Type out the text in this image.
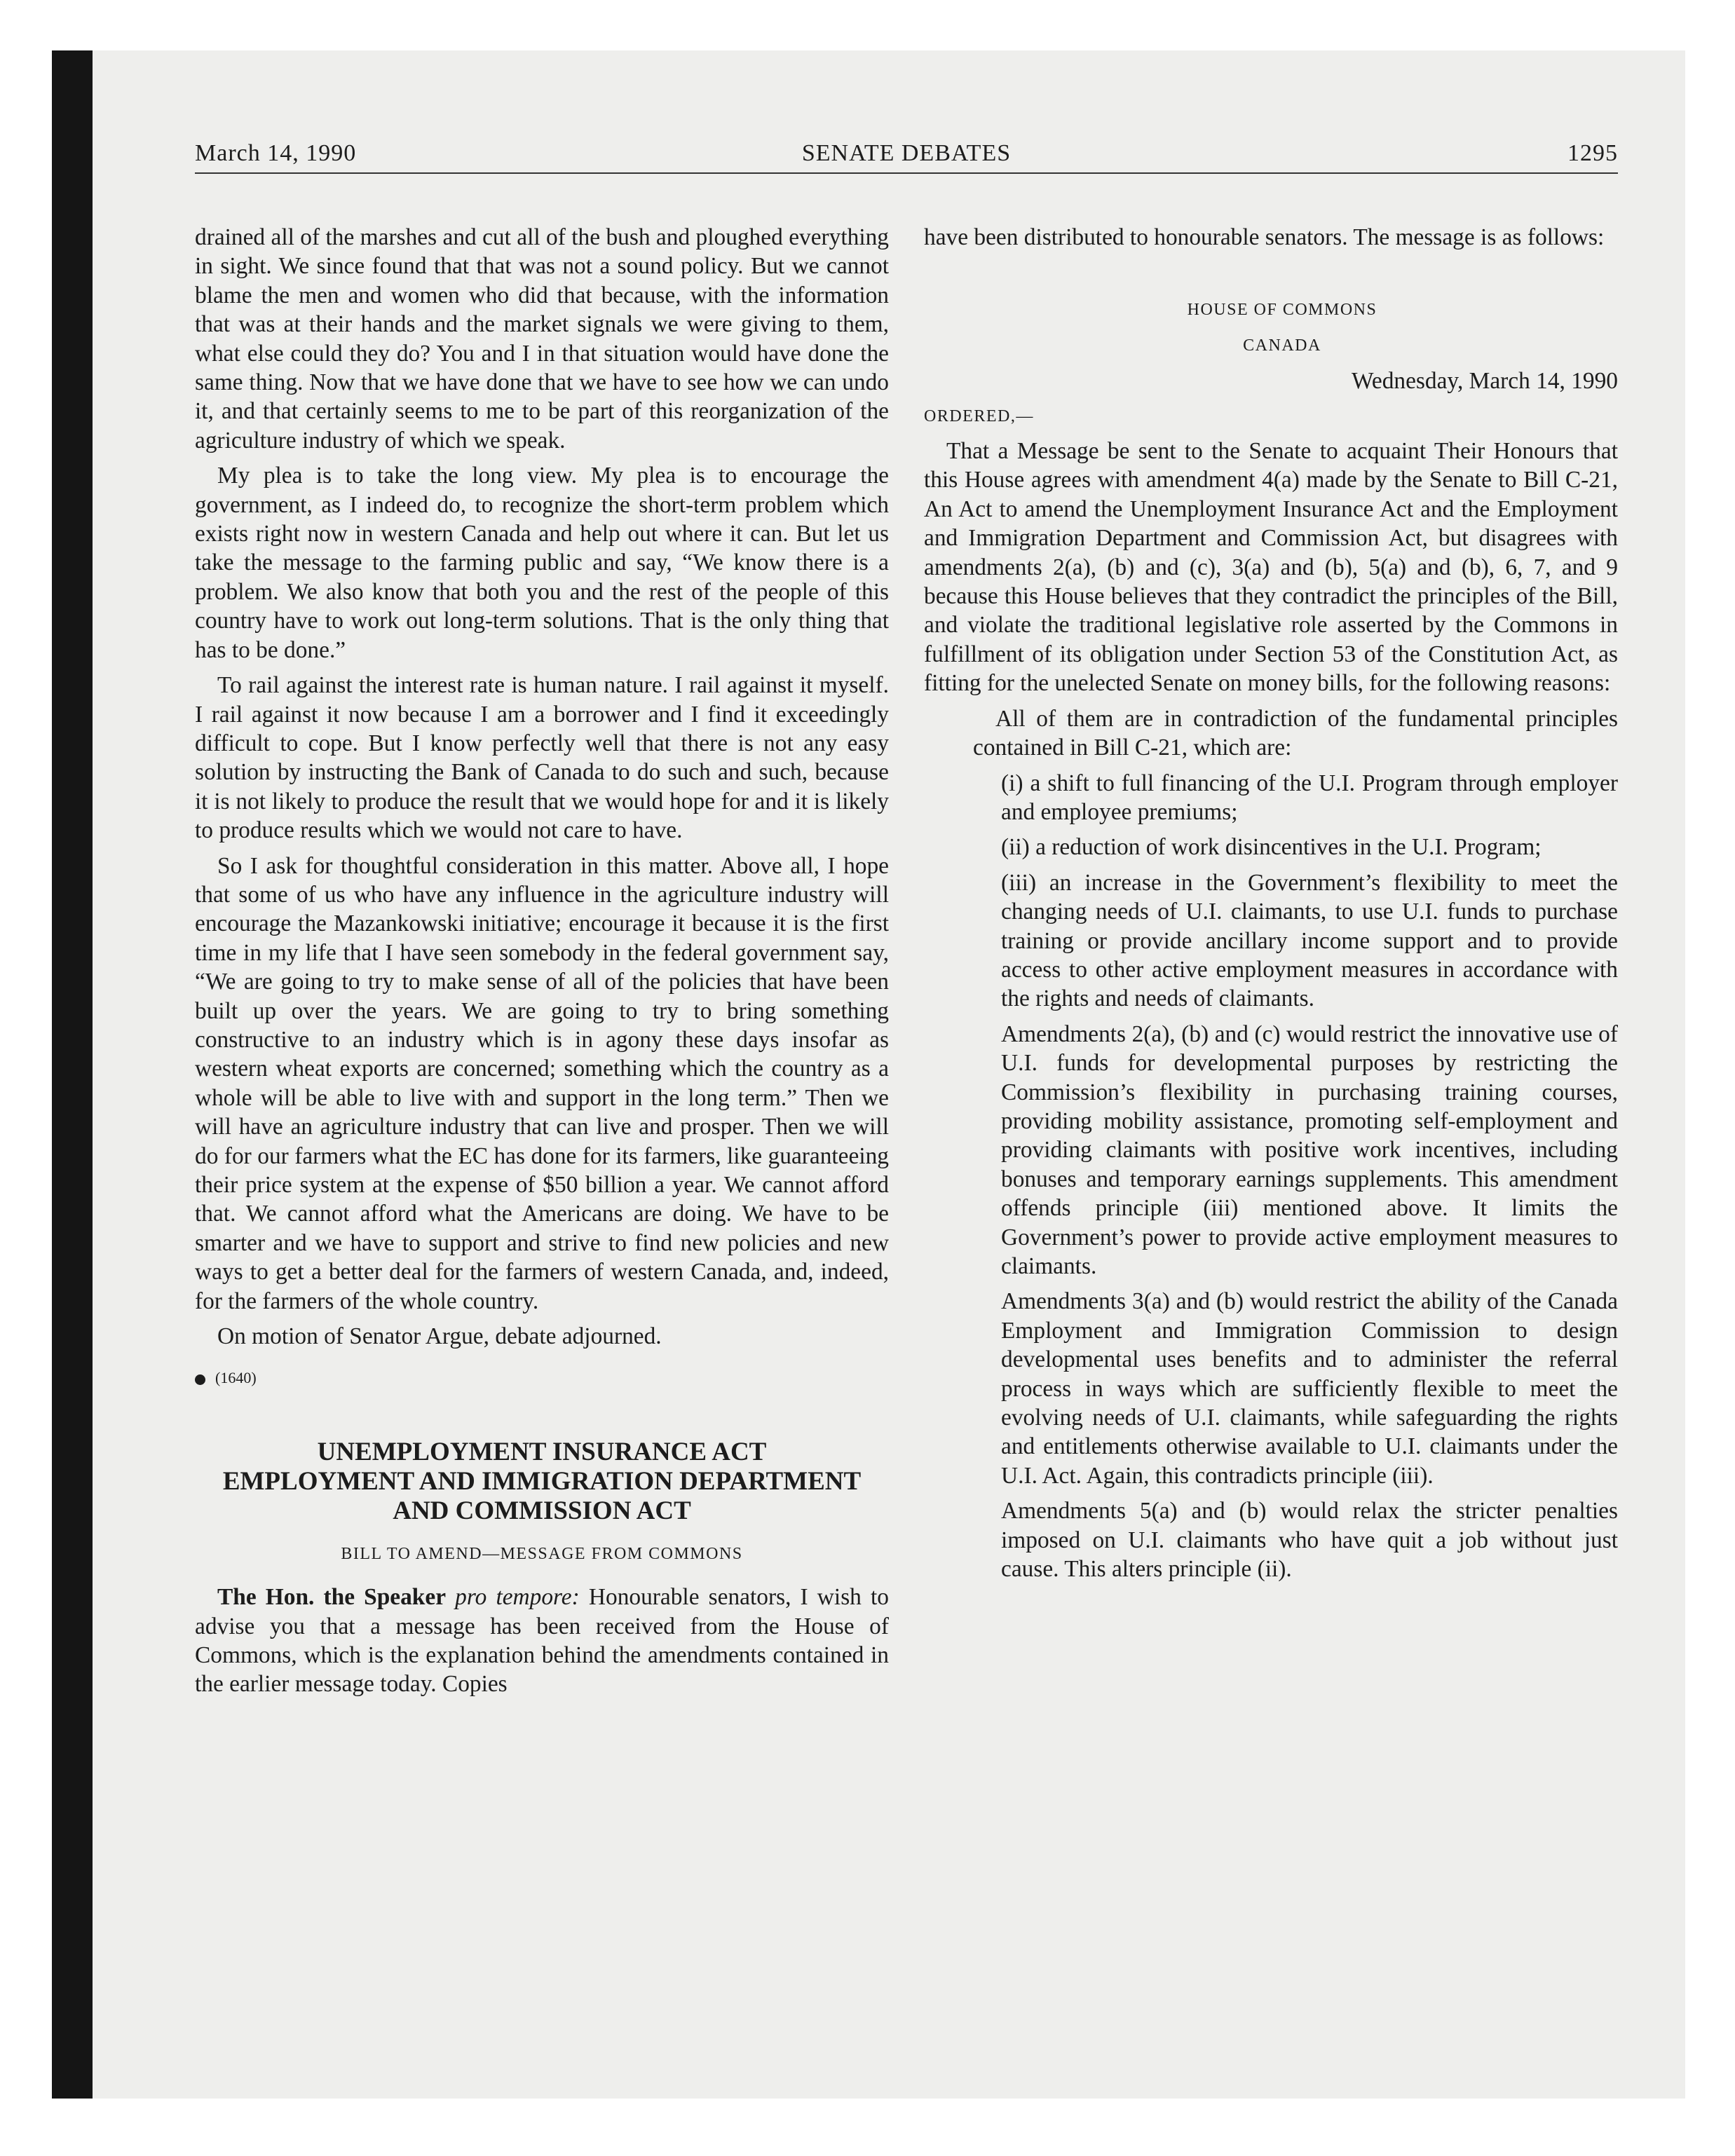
March 14, 1990	SENATE DEBATES	1295

drained all of the marshes and cut all of the bush and ploughed everything in sight. We since found that that was not a sound policy. But we cannot blame the men and women who did that because, with the information that was at their hands and the market signals we were giving to them, what else could they do? You and I in that situation would have done the same thing. Now that we have done that we have to see how we can undo it, and that certainly seems to me to be part of this reorganization of the agriculture industry of which we speak.

My plea is to take the long view. My plea is to encourage the government, as I indeed do, to recognize the short-term problem which exists right now in western Canada and help out where it can. But let us take the message to the farming public and say, “We know there is a problem. We also know that both you and the rest of the people of this country have to work out long-term solutions. That is the only thing that has to be done.”

To rail against the interest rate is human nature. I rail against it myself. I rail against it now because I am a borrower and I find it exceedingly difficult to cope. But I know perfectly well that there is not any easy solution by instructing the Bank of Canada to do such and such, because it is not likely to produce the result that we would hope for and it is likely to produce results which we would not care to have.

So I ask for thoughtful consideration in this matter. Above all, I hope that some of us who have any influence in the agriculture industry will encourage the Mazankowski initiative; encourage it because it is the first time in my life that I have seen somebody in the federal government say, “We are going to try to make sense of all of the policies that have been built up over the years. We are going to try to bring something constructive to an industry which is in agony these days insofar as western wheat exports are concerned; something which the country as a whole will be able to live with and support in the long term.” Then we will have an agriculture industry that can live and prosper. Then we will do for our farmers what the EC has done for its farmers, like guaranteeing their price system at the expense of $50 billion a year. We cannot afford that. We cannot afford what the Americans are doing. We have to be smarter and we have to support and strive to find new policies and new ways to get a better deal for the farmers of western Canada, and, indeed, for the farmers of the whole country.

On motion of Senator Argue, debate adjourned.

(1640)
UNEMPLOYMENT INSURANCE ACT
EMPLOYMENT AND IMMIGRATION DEPARTMENT
AND COMMISSION ACT
BILL TO AMEND—MESSAGE FROM COMMONS

The Hon. the Speaker pro tempore: Honourable senators, I wish to advise you that a message has been received from the House of Commons, which is the explanation behind the amendments contained in the earlier message today. Copies

have been distributed to honourable senators. The message is as follows:

HOUSE OF COMMONS

CANADA

Wednesday, March 14, 1990

ORDERED,—

That a Message be sent to the Senate to acquaint Their Honours that this House agrees with amendment 4(a) made by the Senate to Bill C-21, An Act to amend the Unemployment Insurance Act and the Employment and Immigration Department and Commission Act, but disagrees with amendments 2(a), (b) and (c), 3(a) and (b), 5(a) and (b), 6, 7, and 9 because this House believes that they contradict the principles of the Bill, and violate the traditional legislative role asserted by the Commons in fulfillment of its obligation under Section 53 of the Constitution Act, as fitting for the unelected Senate on money bills, for the following reasons:

All of them are in contradiction of the fundamental principles contained in Bill C-21, which are:

(i) a shift to full financing of the U.I. Program through employer and employee premiums;

(ii) a reduction of work disincentives in the U.I. Program;

(iii) an increase in the Government’s flexibility to meet the changing needs of U.I. claimants, to use U.I. funds to purchase training or provide ancillary income support and to provide access to other active employment measures in accordance with the rights and needs of claimants.

Amendments 2(a), (b) and (c) would restrict the innovative use of U.I. funds for developmental purposes by restricting the Commission’s flexibility in purchasing training courses, providing mobility assistance, promoting self-employment and providing claimants with positive work incentives, including bonuses and temporary earnings supplements. This amendment offends principle (iii) mentioned above. It limits the Government’s power to provide active employment measures to claimants.

Amendments 3(a) and (b) would restrict the ability of the Canada Employment and Immigration Commission to design developmental uses benefits and to administer the referral process in ways which are sufficiently flexible to meet the evolving needs of U.I. claimants, while safeguarding the rights and entitlements otherwise available to U.I. claimants under the U.I. Act. Again, this contradicts principle (iii).

Amendments 5(a) and (b) would relax the stricter penalties imposed on U.I. claimants who have quit a job without just cause. This alters principle (ii).
